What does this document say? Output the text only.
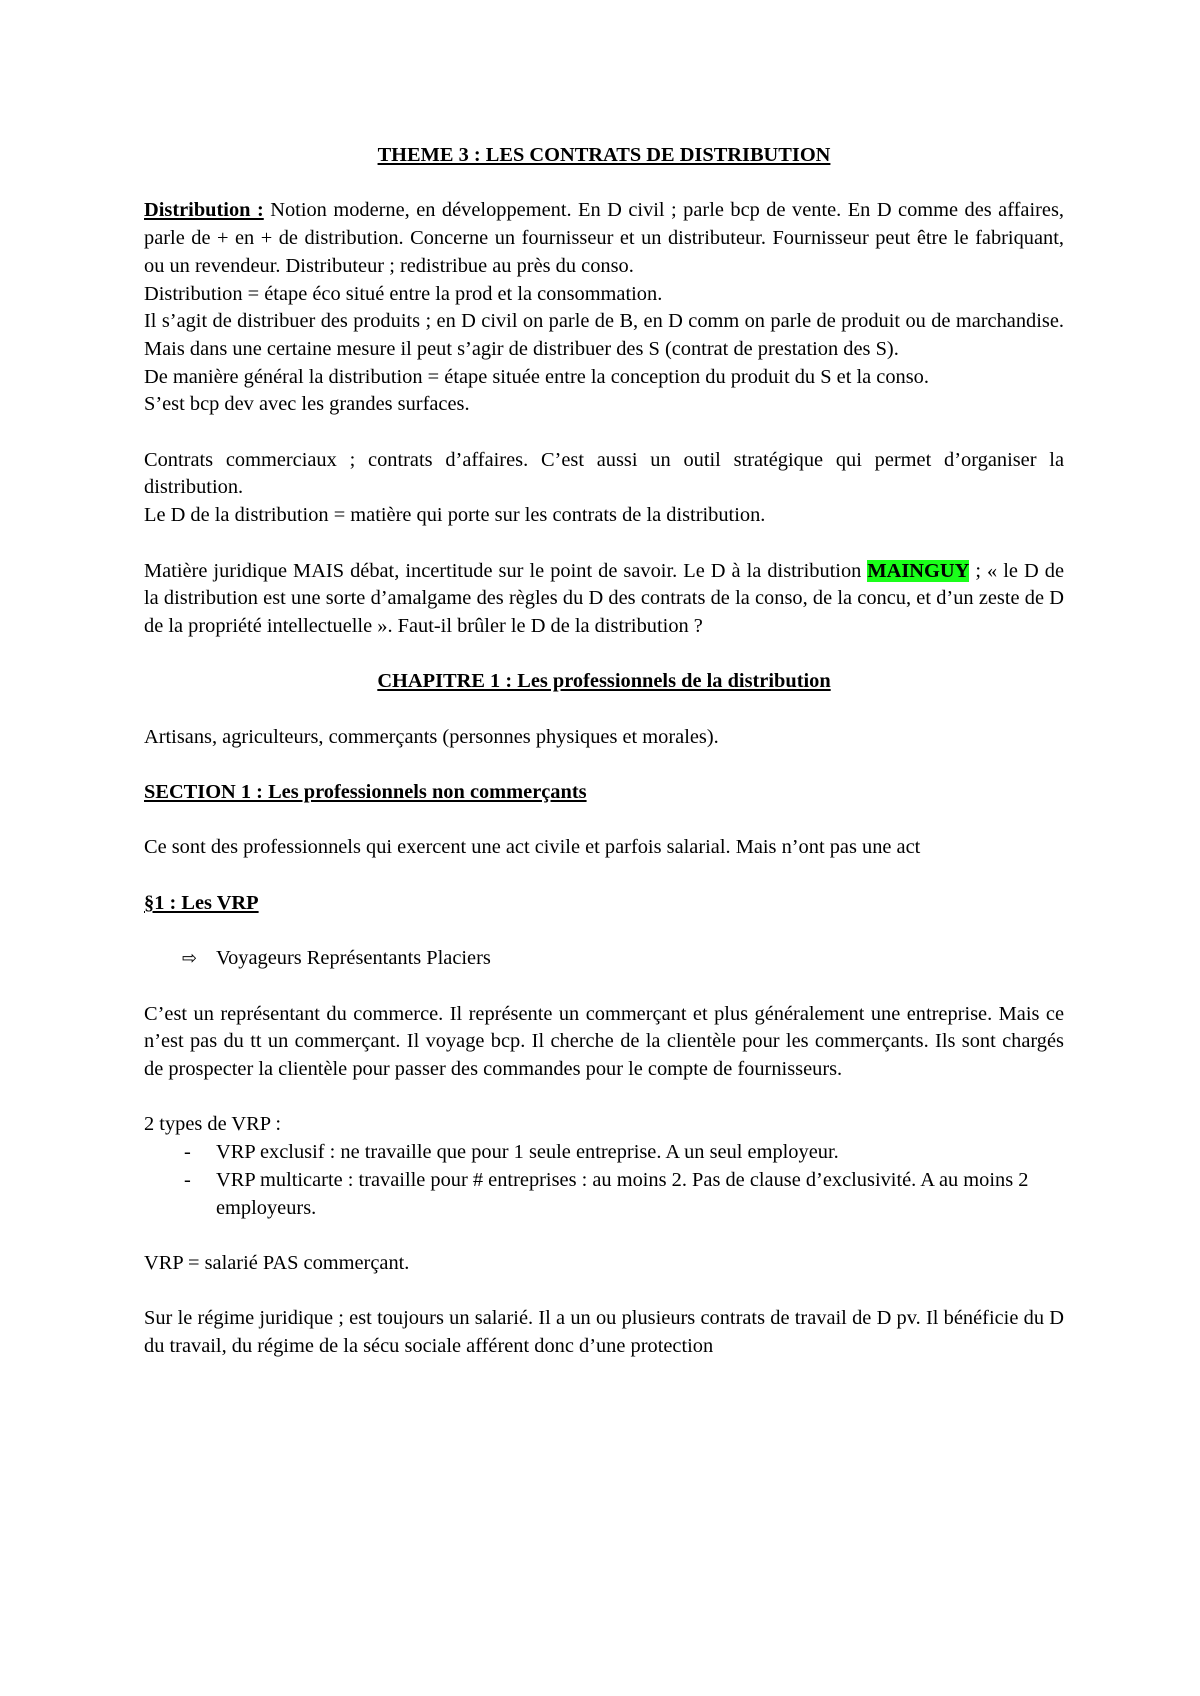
THEME 3 : LES CONTRATS DE DISTRIBUTION

Distribution : Notion moderne, en développement. En D civil ; parle bcp de vente. En D comme des affaires, parle de + en + de distribution. Concerne un fournisseur et un distributeur. Fournisseur peut être le fabriquant, ou un revendeur. Distributeur ; redistribue au près du conso.

Distribution = étape éco situé entre la prod et la consommation.

Il s’agit de distribuer des produits ; en D civil on parle de B, en D comm on parle de produit ou de marchandise. Mais dans une certaine mesure il peut s’agir de distribuer des S (contrat de prestation des S).

De manière général la distribution = étape située entre la conception du produit du S et la conso.

S’est bcp dev avec les grandes surfaces.

Contrats commerciaux ; contrats d’affaires. C’est aussi un outil stratégique qui permet d’organiser la distribution.

Le D de la distribution = matière qui porte sur les contrats de la distribution.

Matière juridique MAIS débat, incertitude sur le point de savoir. Le D à la distribution MAINGUY ; « le D de la distribution est une sorte d’amalgame des règles du D des contrats de la conso, de la concu, et d’un zeste de D de la propriété intellectuelle ». Faut-il brûler le D de la distribution ?

CHAPITRE 1 : Les professionnels de la distribution

Artisans, agriculteurs, commerçants (personnes physiques et morales).

SECTION 1 : Les professionnels non commerçants

Ce sont des professionnels qui exercent une act civile et parfois salarial. Mais n’ont pas une act

§1 : Les VRP

⇨ Voyageurs Représentants Placiers

C’est un représentant du commerce. Il représente un commerçant et plus généralement une entreprise. Mais ce n’est pas du tt un commerçant. Il voyage bcp. Il cherche de la clientèle pour les commerçants. Ils sont chargés de prospecter la clientèle pour passer des commandes pour le compte de fournisseurs.

2 types de VRP :

- VRP exclusif : ne travaille que pour 1 seule entreprise. A un seul employeur.
- VRP multicarte : travaille pour # entreprises : au moins 2. Pas de clause d’exclusivité. A au moins 2 employeurs.

VRP = salarié PAS commerçant.

Sur le régime juridique ; est toujours un salarié. Il a un ou plusieurs contrats de travail de D pv. Il bénéficie du D du travail, du régime de la sécu sociale afférent donc d’une protection
